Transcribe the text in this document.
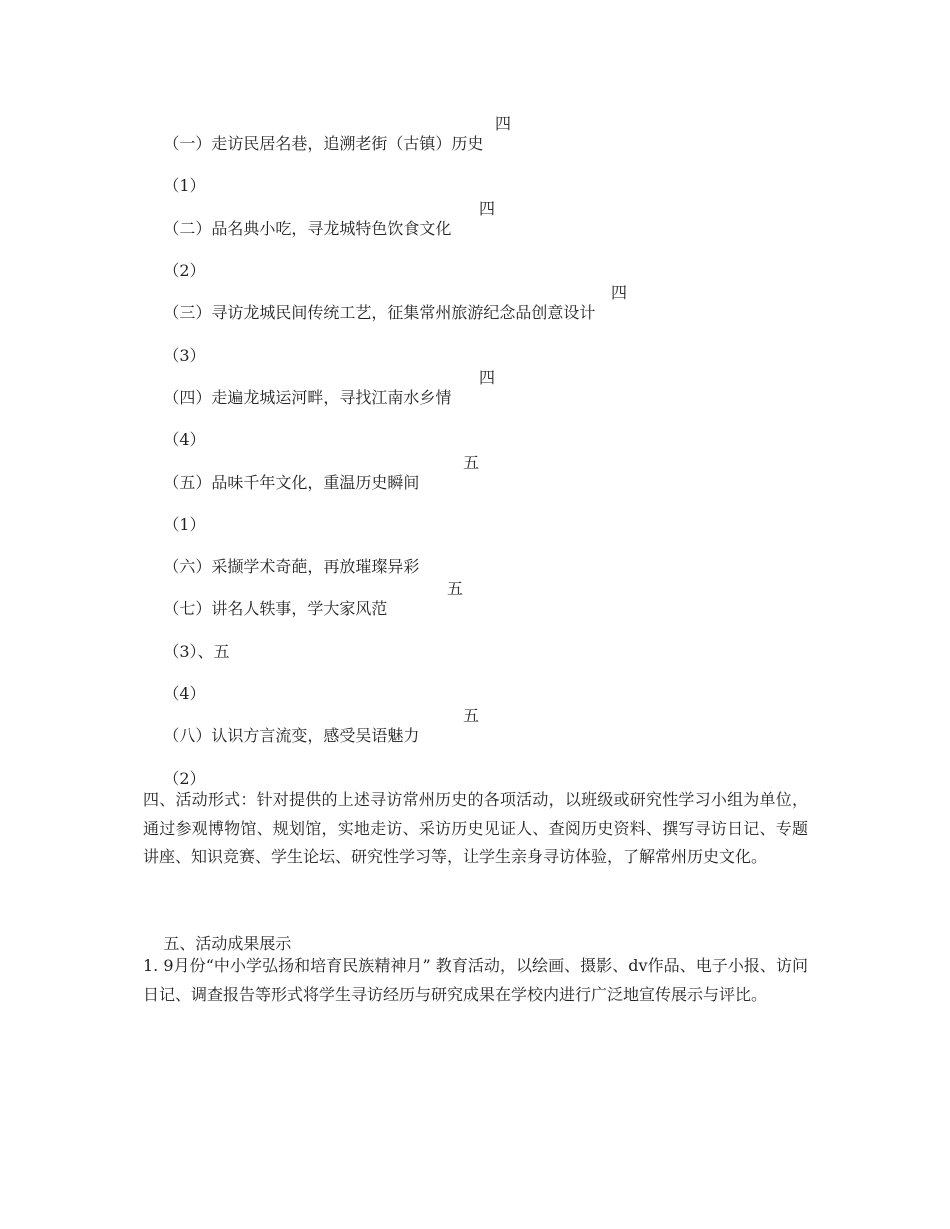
（一）走访民居名巷，追溯老街（古镇）历史

四

（1）

（二）品名典小吃，寻龙城特色饮食文化

四

（2）

（三）寻访龙城民间传统工艺，征集常州旅游纪念品创意设计

四

（3）

（四）走遍龙城运河畔，寻找江南水乡情

四

（4）

（五）品味千年文化，重温历史瞬间

五

（1）

（六）采撷学术奇葩，再放璀璨异彩

（七）讲名人轶事，学大家风范

五

（3）、五

（4）

（八）认识方言流变，感受吴语魅力

五

（2）

四、活动形式：针对提供的上述寻访常州历史的各项活动，以班级或研究性学习小组为单位，通过参观博物馆、规划馆，实地走访、采访历史见证人、查阅历史资料、撰写寻访日记、专题讲座、知识竞赛、学生论坛、研究性学习等，让学生亲身寻访体验，了解常州历史文化。

五、活动成果展示

1. 9月份“中小学弘扬和培育民族精神月” 教育活动，以绘画、摄影、dv作品、电子小报、访问日记、调查报告等形式将学生寻访经历与研究成果在学校内进行广泛地宣传展示与评比。
